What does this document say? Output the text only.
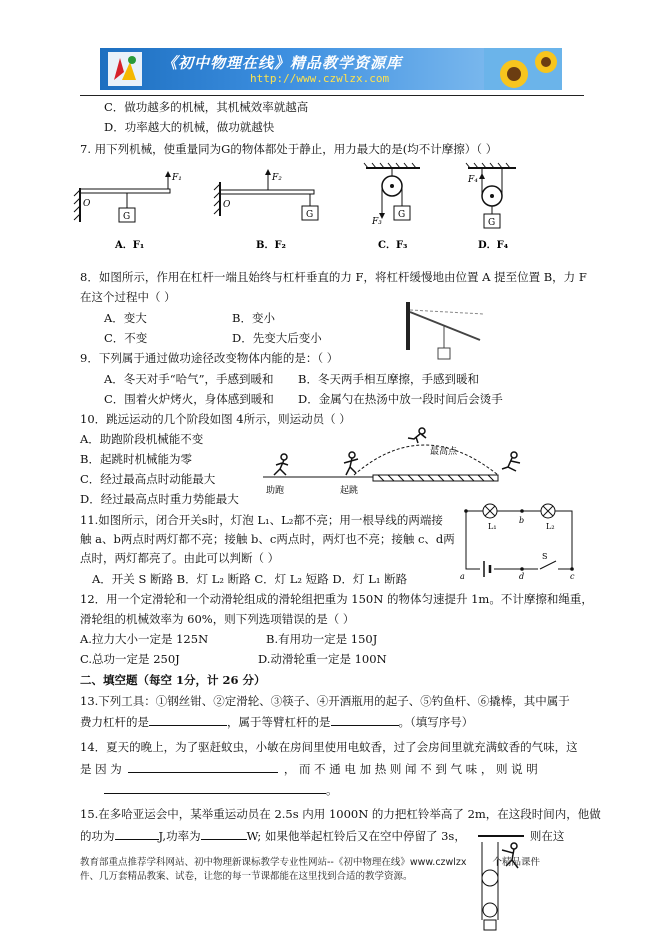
《初中物理在线》精品教学资源库
http://www.czwlzx.com
C．做功越多的机械，其机械效率就越高
D．功率越大的机械，做功就越快
7. 用下列机械，使重量同为G的物体都处于静止，用力最大的是(均不计摩擦）（ ）
O
G
F₁
O
F₂
G
F₃
G
F₄
G
A．F₁	B．F₂	C．F₃	D．F₄
8．如图所示，作用在杠杆一端且始终与杠杆垂直的力 F，将杠杆缓慢地由位置 A 提至位置 B，力 F
在这个过程中（ ）
A．变大	B．变小
C．不变	D．先变大后变小
9．下列属于通过做功途径改变物体内能的是：（ ）
A．冬天对手“哈气”，手感到暖和 B．冬天两手相互摩擦，手感到暖和
C．围着火炉烤火，身体感到暖和 D．金属勺在热汤中放一段时间后会烫手
10．跳远运动的几个阶段如图 4所示，则运动员（ ）
A．助跑阶段机械能不变
B．起跳时机械能为零
C．经过最高点时动能最大
D．经过最高点时重力势能最大
助跑	起跳
最高点
11.如图所示，闭合开关s时，灯泡 L₁、L₂都不亮；用一根导线的两端接
触 a、b两点时两灯都不亮；接触 b、c两点时，两灯也不亮；接触 c、d两
点时，两灯都亮了。由此可以判断（ ）
A．开关 S 断路 B．灯 L₂ 断路 C．灯 L₂ 短路 D．灯 L₁ 断路
L₁	L₂
S
a
b
c
d
12．用一个定滑轮和一个动滑轮组成的滑轮组把重为 150N 的物体匀速提升 1m。不计摩擦和绳重，
滑轮组的机械效率为 60%，则下列选项错误的是（ ）
A.拉力大小一定是 125N	B.有用功一定是 150J
C.总功一定是 250J	D.动滑轮重一定是 100N
二、填空题（每空 1分，计 26 分）
13.下列工具：①钢丝钳、②定滑轮、③筷子、④开酒瓶用的起子、⑤钓鱼杆、⑥撬棒，其中属于
费力杠杆的是	，属于等臂杠杆的是	。（填写序号）
14．夏天的晚上，为了驱赶蚊虫，小敏在房间里使用电蚊香，过了会房间里就充满蚊香的气味，这
是 因 为	， 而 不 通 电 加 热 则 闻 不 到 气 味 ， 则 说 明
。
15.在多哈亚运会中，某举重运动员在 2.5s 内用 1000N 的力把杠铃举高了 2m，在这段时间内，他做
的功为	J,功率为	W; 如果他举起杠铃后又在空中停留了 3s，	则在这
教育部重点推荐学科网站、初中物理新课标教学专业性网站--《初中物理在线》www.czwlzx	个精品课件
件、几万套精品教案、试卷，让您的每一节课都能在这里找到合适的教学资源。
